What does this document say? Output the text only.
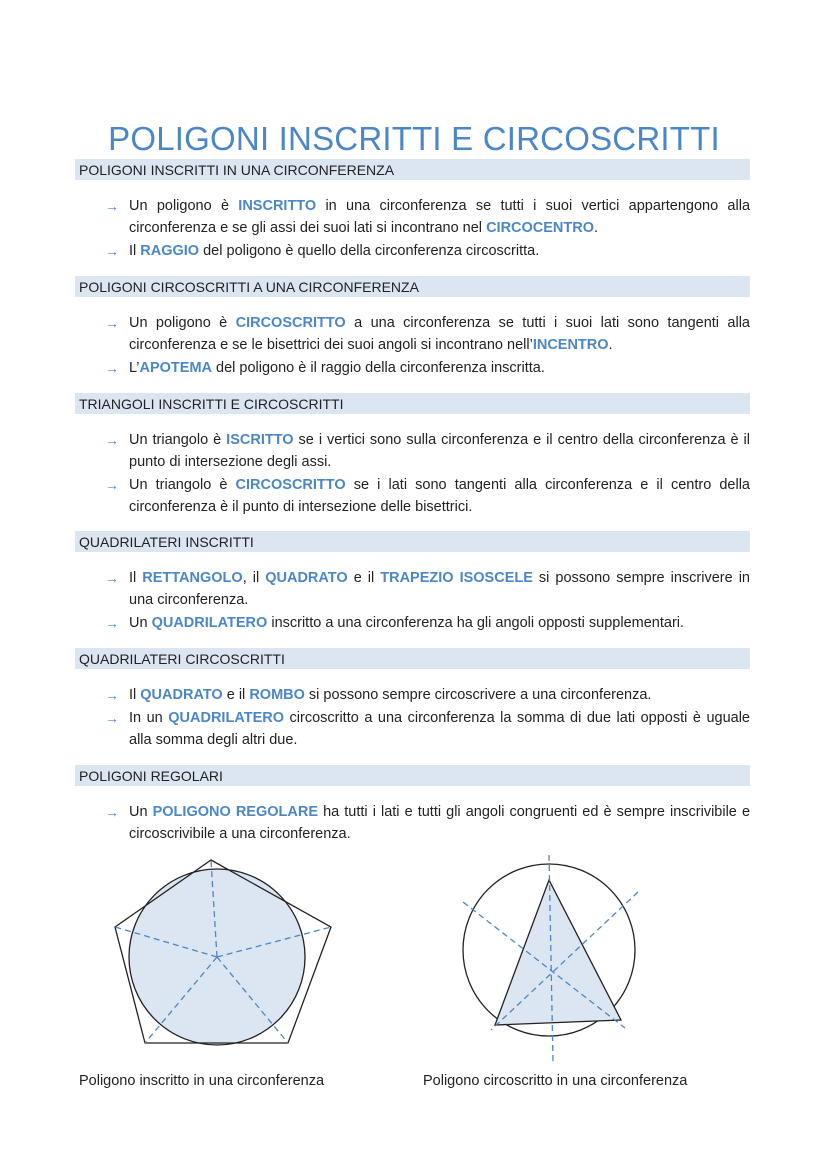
POLIGONI INSCRITTI E CIRCOSCRITTI
POLIGONI INSCRITTI IN UNA CIRCONFERENZA
→ Un poligono è INSCRITTO in una circonferenza se tutti i suoi vertici appartengono alla circonferenza e se gli assi dei suoi lati si incontrano nel CIRCOCENTRO.
→ Il RAGGIO del poligono è quello della circonferenza circoscritta.
POLIGONI CIRCOSCRITTI A UNA CIRCONFERENZA
→ Un poligono è CIRCOSCRITTO a una circonferenza se tutti i suoi lati sono tangenti alla circonferenza e se le bisettrici dei suoi angoli si incontrano nell’INCENTRO.
→ L’APOTEMA del poligono è il raggio della circonferenza inscritta.
TRIANGOLI INSCRITTI E CIRCOSCRITTI
→ Un triangolo è ISCRITTO se i vertici sono sulla circonferenza e il centro della circonferenza è il punto di intersezione degli assi.
→ Un triangolo è CIRCOSCRITTO se i lati sono tangenti alla circonferenza e il centro della circonferenza è il punto di intersezione delle bisettrici.
QUADRILATERI INSCRITTI
→ Il RETTANGOLO, il QUADRATO e il TRAPEZIO ISOSCELE si possono sempre inscrivere in una circonferenza.
→ Un QUADRILATERO inscritto a una circonferenza ha gli angoli opposti supplementari.
QUADRILATERI CIRCOSCRITTI
→ Il QUADRATO e il ROMBO si possono sempre circoscrivere a una circonferenza.
→ In un QUADRILATERO circoscritto a una circonferenza la somma di due lati opposti è uguale alla somma degli altri due.
POLIGONI REGOLARI
→ Un POLIGONO REGOLARE ha tutti i lati e tutti gli angoli congruenti ed è sempre inscrivibile e circoscrivibile a una circonferenza.
Poligono inscritto in una circonferenza	Poligono circoscritto in una circonferenza
